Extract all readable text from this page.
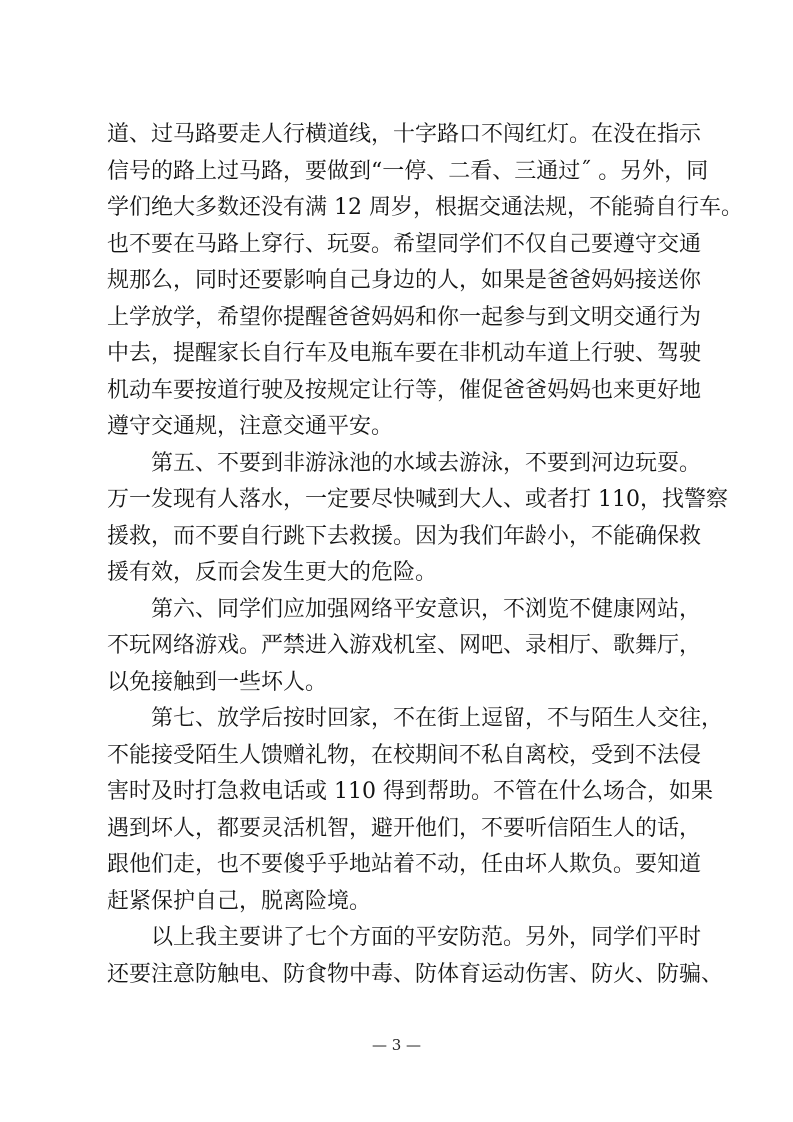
道、过马路要走人行横道线，十字路口不闯红灯。在没在指示
信号的路上过马路，要做到“一停、二看、三通过˝ 。另外，同
学们绝大多数还没有满 12 周岁，根据交通法规，不能骑自行车。
也不要在马路上穿行、玩耍。希望同学们不仅自己要遵守交通
规那么，同时还要影响自己身边的人，如果是爸爸妈妈接送你
上学放学，希望你提醒爸爸妈妈和你一起参与到文明交通行为
中去，提醒家长自行车及电瓶车要在非机动车道上行驶、驾驶
机动车要按道行驶及按规定让行等，催促爸爸妈妈也来更好地
遵守交通规，注意交通平安。
第五、不要到非游泳池的水域去游泳，不要到河边玩耍。
万一发现有人落水，一定要尽快喊到大人、或者打 110，找警察
援救，而不要自行跳下去救援。因为我们年龄小，不能确保救
援有效，反而会发生更大的危险。
第六、同学们应加强网络平安意识，不浏览不健康网站，
不玩网络游戏。严禁进入游戏机室、网吧、录相厅、歌舞厅，
以免接触到一些坏人。
第七、放学后按时回家，不在街上逗留，不与陌生人交往，
不能接受陌生人馈赠礼物，在校期间不私自离校，受到不法侵
害时及时打急救电话或 110 得到帮助。不管在什么场合，如果
遇到坏人，都要灵活机智，避开他们，不要听信陌生人的话，
跟他们走，也不要傻乎乎地站着不动，任由坏人欺负。要知道
赶紧保护自己，脱离险境。
以上我主要讲了七个方面的平安防范。另外，同学们平时
还要注意防触电、防食物中毒、防体育运动伤害、防火、防骗、
— 3 —
